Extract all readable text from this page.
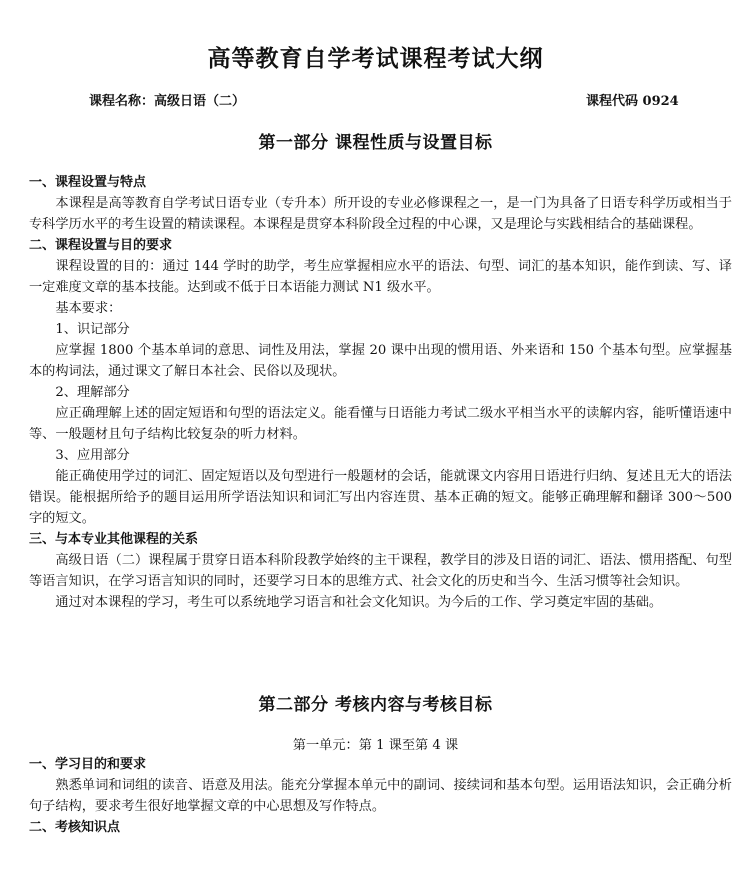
高等教育自学考试课程考试大纲
课程名称：高级日语（二）	课程代码 0924
第一部分 课程性质与设置目标
一、课程设置与特点
本课程是高等教育自学考试日语专业（专升本）所开设的专业必修课程之一，是一门为具备了日语专科学历或相当于专科学历水平的考生设置的精读课程。本课程是贯穿本科阶段全过程的中心课，又是理论与实践相结合的基础课程。
二、课程设置与目的要求
课程设置的目的：通过 144 学时的助学，考生应掌握相应水平的语法、句型、词汇的基本知识，能作到读、写、译一定难度文章的基本技能。达到或不低于日本语能力测试 N1 级水平。
基本要求：
1、识记部分
应掌握 1800 个基本单词的意思、词性及用法，掌握 20 课中出现的惯用语、外来语和 150 个基本句型。应掌握基本的构词法，通过课文了解日本社会、民俗以及现状。
2、理解部分
应正确理解上述的固定短语和句型的语法定义。能看懂与日语能力考试二级水平相当水平的读解内容，能听懂语速中等、一般题材且句子结构比较复杂的听力材料。
3、应用部分
能正确使用学过的词汇、固定短语以及句型进行一般题材的会话，能就课文内容用日语进行归纳、复述且无大的语法错误。能根据所给予的题目运用所学语法知识和词汇写出内容连贯、基本正确的短文。能够正确理解和翻译 300～500 字的短文。
三、与本专业其他课程的关系
高级日语（二）课程属于贯穿日语本科阶段教学始终的主干课程，教学目的涉及日语的词汇、语法、惯用搭配、句型等语言知识，在学习语言知识的同时，还要学习日本的思维方式、社会文化的历史和当今、生活习惯等社会知识。
通过对本课程的学习，考生可以系统地学习语言和社会文化知识。为今后的工作、学习奠定牢固的基础。
第二部分 考核内容与考核目标
第一单元：第 1 课至第 4 课
一、学习目的和要求
熟悉单词和词组的读音、语意及用法。能充分掌握本单元中的副词、接续词和基本句型。运用语法知识，会正确分析句子结构，要求考生很好地掌握文章的中心思想及写作特点。
二、考核知识点
